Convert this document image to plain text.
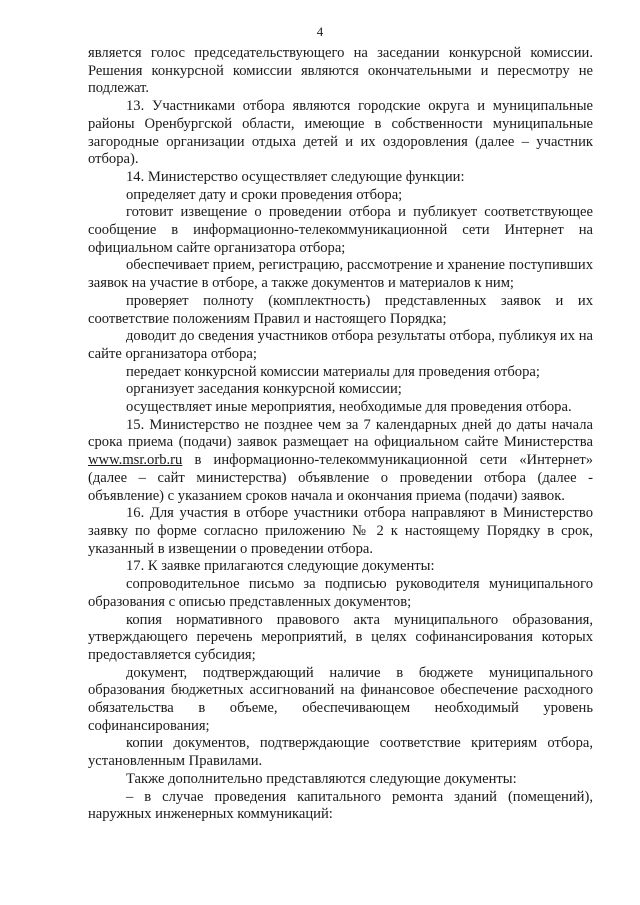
4

является голос председательствующего на заседании конкурсной комиссии. Решения конкурсной комиссии являются окончательными и пересмотру не подлежат.

13. Участниками отбора являются городские округа и муниципальные районы Оренбургской области, имеющие в собственности муниципальные загородные организации отдыха детей и их оздоровления (далее – участник отбора).

14. Министерство осуществляет следующие функции:

определяет дату и сроки проведения отбора;

готовит извещение о проведении отбора и публикует соответствующее сообщение в информационно-телекоммуникационной сети Интернет на официальном сайте организатора отбора;

обеспечивает прием, регистрацию, рассмотрение и хранение поступивших заявок на участие в отборе, а также документов и материалов к ним;

проверяет полноту (комплектность) представленных заявок и их соответствие положениям Правил и настоящего Порядка;

доводит до сведения участников отбора результаты отбора, публикуя их на сайте организатора отбора;

передает конкурсной комиссии материалы для проведения отбора;

организует заседания конкурсной комиссии;

осуществляет иные мероприятия, необходимые для проведения отбора.

15. Министерство не позднее чем за 7 календарных дней до даты начала срока приема (подачи) заявок размещает на официальном сайте Министерства www.msr.orb.ru в информационно-телекоммуникационной сети «Интернет» (далее – сайт министерства) объявление о проведении отбора (далее - объявление) с указанием сроков начала и окончания приема (подачи) заявок.

16. Для участия в отборе участники отбора направляют в Министерство заявку по форме согласно приложению № 2 к настоящему Порядку в срок, указанный в извещении о проведении отбора.

17. К заявке прилагаются следующие документы:

сопроводительное письмо за подписью руководителя муниципального образования с описью представленных документов;

копия нормативного правового акта муниципального образования, утверждающего перечень мероприятий, в целях софинансирования которых предоставляется субсидия;

документ, подтверждающий наличие в бюджете муниципального образования бюджетных ассигнований на финансовое обеспечение расходного обязательства в объеме, обеспечивающем необходимый уровень софинансирования;

копии документов, подтверждающие соответствие критериям отбора, установленным Правилами.

Также дополнительно представляются следующие документы:

– в случае проведения капитального ремонта зданий (помещений), наружных инженерных коммуникаций:
